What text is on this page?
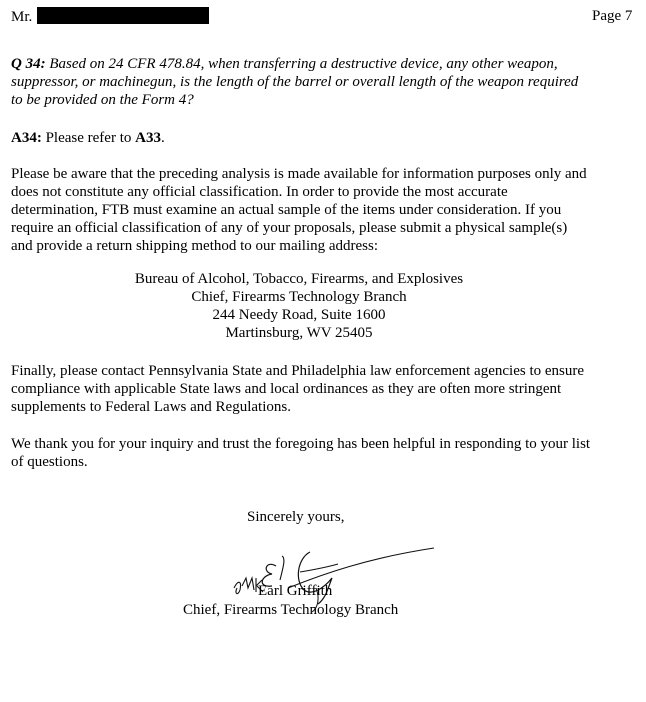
Mr.	Page 7
Q 34: Based on 24 CFR 478.84, when transferring a destructive device, any other weapon, suppressor, or machinegun, is the length of the barrel or overall length of the weapon required to be provided on the Form 4?
A34: Please refer to A33.
Please be aware that the preceding analysis is made available for information purposes only and does not constitute any official classification. In order to provide the most accurate determination, FTB must examine an actual sample of the items under consideration. If you require an official classification of any of your proposals, please submit a physical sample(s) and provide a return shipping method to our mailing address:
Bureau of Alcohol, Tobacco, Firearms, and Explosives
Chief, Firearms Technology Branch
244 Needy Road, Suite 1600
Martinsburg, WV 25405
Finally, please contact Pennsylvania State and Philadelphia law enforcement agencies to ensure compliance with applicable State laws and local ordinances as they are often more stringent supplements to Federal Laws and Regulations.
We thank you for your inquiry and trust the foregoing has been helpful in responding to your list of questions.
Sincerely yours,
Earl Griffith
Chief, Firearms Technology Branch
